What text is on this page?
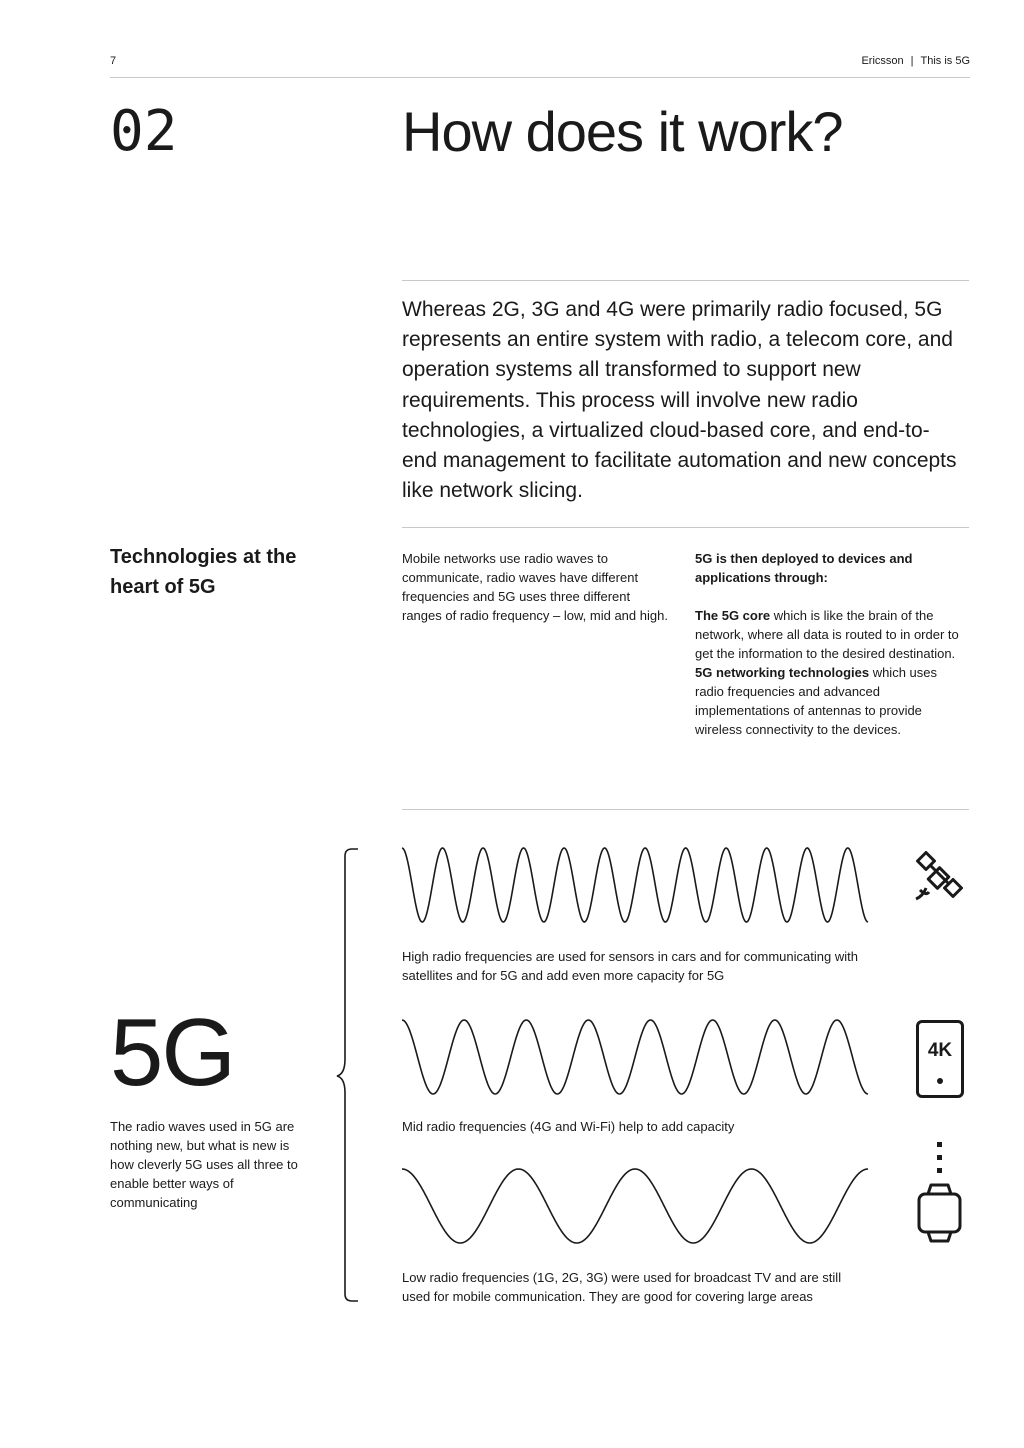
7	Ericsson | This is 5G
02	How does it work?
Whereas 2G, 3G and 4G were primarily radio focused, 5G represents an entire system with radio, a telecom core, and operation systems all transformed to support new requirements. This process will involve new radio technologies, a virtualized cloud-based core, and end-to-end management to facilitate automation and new concepts like network slicing.
Technologies at the heart of 5G
Mobile networks use radio waves to communicate, radio waves have different frequencies and 5G uses three different ranges of radio frequency – low, mid and high.

5G is then deployed to devices and applications through:

The 5G core which is like the brain of the network, where all data is routed to in order to get the information to the desired destination.

5G networking technologies which uses radio frequencies and advanced implementations of antennas to provide wireless connectivity to the devices.

5G
The radio waves used in 5G are nothing new, but what is new is how cleverly 5G uses all three to enable better ways of communicating
High radio frequencies are used for sensors in cars and for communicating with satellites and for 5G and add even more capacity for 5G
Mid radio frequencies (4G and Wi-Fi) help to add capacity
4K
Low radio frequencies (1G, 2G, 3G) were used for broadcast TV and are still used for mobile communication. They are good for covering large areas
